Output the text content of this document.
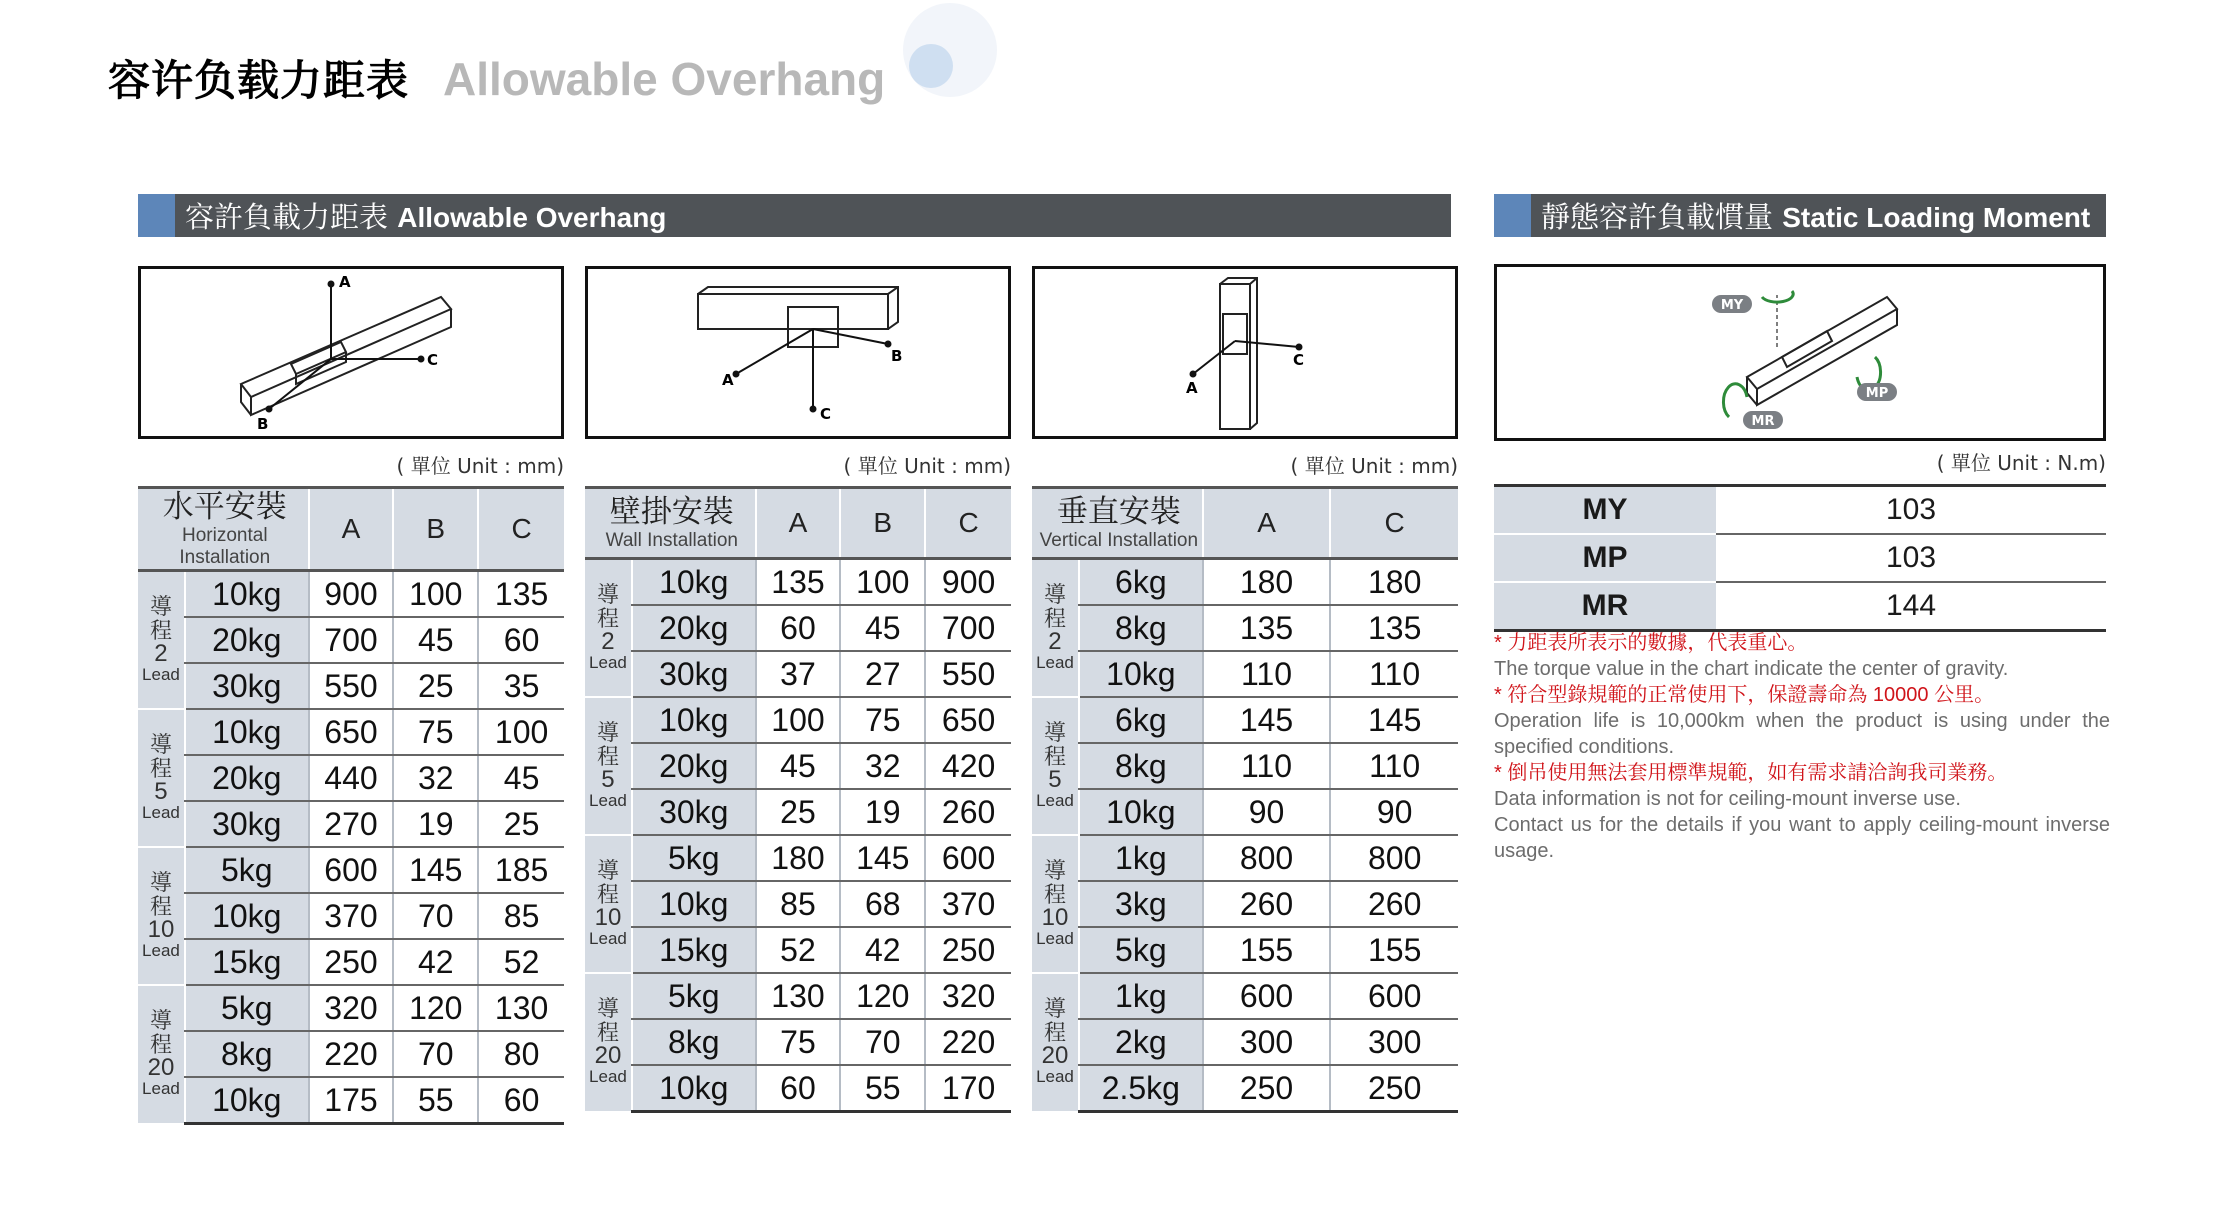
容许负载力距表 Allowable Overhang
容許負載力距表 Allowable Overhang	靜態容許負載慣量 Static Loading Moment
A
C
B
( 單位 Unit : mm)
C
B
A
( 單位 Unit : mm)
C
A
( 單位 Unit : mm)
MY
MP
MR
( 單位 Unit : N.m)
水平安裝
Horizontal Installation		A	B	C

導
程
2
Lead	10kg	900	100	135
	20kg	700	45	60
	30kg	550	25	35

導
程
5
Lead	10kg	650	75	100
	20kg	440	32	45
	30kg	270	19	25

導
程
10
Lead	5kg	600	145	185
	10kg	370	70	85
	15kg	250	42	52

導
程
20
Lead	5kg	320	120	130
	8kg	220	70	80
	10kg	175	55	60
壁掛安裝
Wall Installation		A	B	C

導
程
2
Lead	10kg	135	100	900
	20kg	60	45	700
	30kg	37	27	550

導
程
5
Lead	10kg	100	75	650
	20kg	45	32	420
	30kg	25	19	260

導
程
10
Lead	5kg	180	145	600
	10kg	85	68	370
	15kg	52	42	250

導
程
20
Lead	5kg	130	120	320
	8kg	75	70	220
	10kg	60	55	170
垂直安裝
Vertical Installation		A	C

導
程
2
Lead	6kg	180	180
	8kg	135	135
	10kg	110	110

導
程
5
Lead	6kg	145	145
	8kg	110	110
	10kg	90	90

導
程
10
Lead	1kg	800	800
	3kg	260	260
	5kg	155	155

導
程
20
Lead	1kg	600	600
	2kg	300	300
	2.5kg	250	250
MY	103
MP	103
MR	144
* 力距表所表示的數據，代表重心。
The torque value in the chart indicate the center of gravity.
* 符合型錄規範的正常使用下，保證壽命為 10000 公里。
Operation life is 10,000km when the product is using under the specified conditions.
* 倒吊使用無法套用標準規範，如有需求請洽詢我司業務。
Data information is not for ceiling-mount inverse use.
Contact us for the details if you want to apply ceiling-mount inverse usage.
